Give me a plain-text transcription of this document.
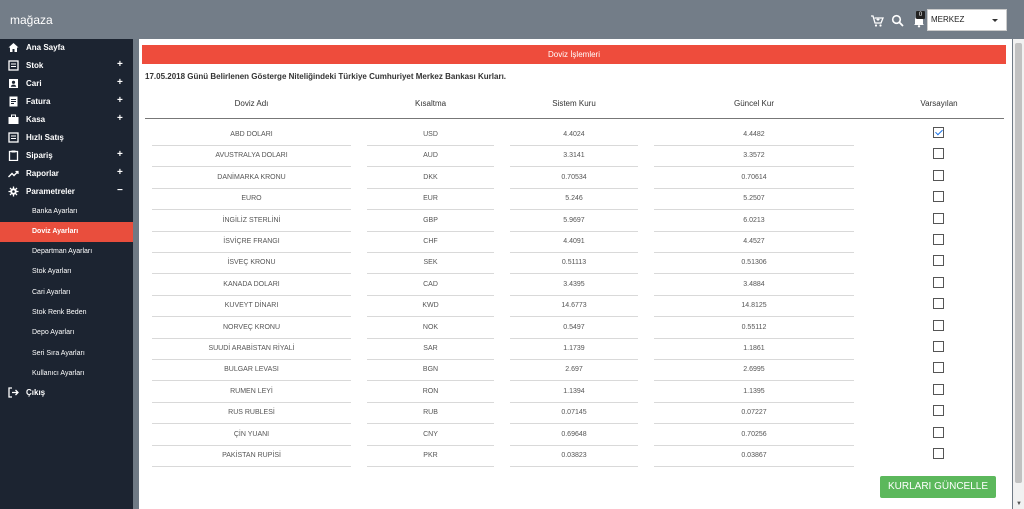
mağaza	0	MERKEZ
Ana Sayfa
Stok	+
Cari	+
Fatura	+
Kasa	+
Hızlı Satış
Sipariş	+
Raporlar	+
Parametreler	−
Banka Ayarları
Doviz Ayarları
Departman Ayarları
Stok Ayarları
Cari Ayarları
Stok Renk Beden
Depo Ayarları
Seri Sıra Ayarları
Kullanıcı Ayarları
Çıkış
Doviz İşlemleri
17.05.2018 Günü Belirlenen Gösterge Niteliğindeki Türkiye Cumhuriyet Merkez Bankası Kurları.
Doviz Adı	Kısaltma	Sistem Kuru	Güncel Kur	Varsayılan
ABD DOLARI	USD	4.4024	4.4482
AVUSTRALYA DOLARI	AUD	3.3141	3.3572
DANİMARKA KRONU	DKK	0.70534	0.70614
EURO	EUR	5.246	5.2507
İNGİLİZ STERLİNİ	GBP	5.9697	6.0213
İSVİÇRE FRANGI	CHF	4.4091	4.4527
İSVEÇ KRONU	SEK	0.51113	0.51306
KANADA DOLARI	CAD	3.4395	3.4884
KUVEYT DİNARI	KWD	14.6773	14.8125
NORVEÇ KRONU	NOK	0.5497	0.55112
SUUDİ ARABİSTAN RİYALİ	SAR	1.1739	1.1861
BULGAR LEVASI	BGN	2.697	2.6995
RUMEN LEYİ	RON	1.1394	1.1395
RUS RUBLESİ	RUB	0.07145	0.07227
ÇİN YUANI	CNY	0.69648	0.70256
PAKİSTAN RUPİSİ	PKR	0.03823	0.03867
KURLARI GÜNCELLE
▼
